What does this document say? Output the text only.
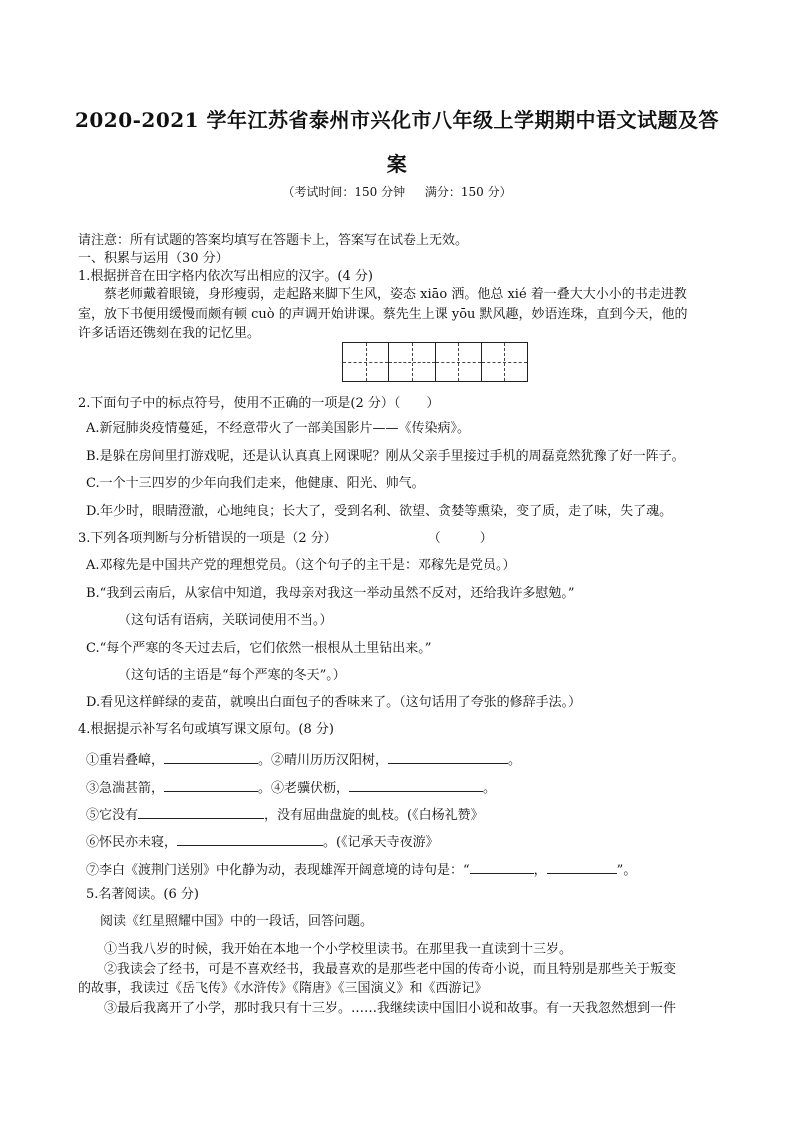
2020-2021 学年江苏省泰州市兴化市八年级上学期期中语文试题及答
案
（考试时间：150 分钟 满分：150 分）
请注意：所有试题的答案均填写在答题卡上，答案写在试卷上无效。
一、积累与运用（30 分）
1.根据拼音在田字格内依次写出相应的汉字。(4 分)

蔡老师戴着眼镜，身形瘦弱，走起路来脚下生风，姿态 xiāo 洒。他总 xié 着一叠大大小小的书走进教

室，放下书便用缓慢而颇有顿 cuò 的声调开始讲课。蔡先生上课 yōu 默风趣，妙语连珠，直到今天，他的

许多话语还镌刻在我的记忆里。

2.下面句子中的标点符号，使用不正确的一项是(2 分）（　　）
A.新冠肺炎疫情蔓延，不经意带火了一部美国影片——《传染病》。
B.是躲在房间里打游戏呢，还是认认真真上网课呢？刚从父亲手里接过手机的周磊竟然犹豫了好一阵子。
C.一个十三四岁的少年向我们走来，他健康、阳光、帅气。
D.年少时，眼睛澄澈，心地纯良；长大了，受到名利、欲望、贪婪等熏染，变了质，走了味，失了魂。
3.下列各项判断与分析错误的一项是（2 分）　　　　　　　　（　　　）
A.邓稼先是中国共产党的理想党员。（这个句子的主干是：邓稼先是党员。）
B.“我到云南后，从家信中知道，我母亲对我这一举动虽然不反对，还给我许多慰勉。”
（这句话有语病，关联词使用不当。）
C.“每个严寒的冬天过去后，它们依然一根根从土里钻出来。”
（这句话的主语是“每个严寒的冬天”。）
D.看见这样鲜绿的麦苗，就嗅出白面包子的香味来了。（这句话用了夸张的修辞手法。）
4.根据提示补写名句或填写课文原句。(8 分)
①重岩叠嶂，	。②晴川历历汉阳树，	。
③急湍甚箭，	。④老骥伏枥，	。
⑤它没有	，没有屈曲盘旋的虬枝。(《白杨礼赞》
⑥怀民亦未寝，	。(《记承天寺夜游》
⑦李白《渡荆门送别》中化静为动，表现雄浑开阔意境的诗句是：“	，	”。
5.名著阅读。(6 分)
阅读《红星照耀中国》中的一段话，回答问题。

①当我八岁的时候，我开始在本地一个小学校里读书。在那里我一直读到十三岁。

②我读会了经书，可是不喜欢经书，我最喜欢的是那些老中国的传奇小说，而且特别是那些关于叛变

的故事，我读过《岳飞传》《水浒传》《隋唐》《三国演义》和《西游记》

③最后我离开了小学，那时我只有十三岁。……我继续读中国旧小说和故事。有一天我忽然想到一件
